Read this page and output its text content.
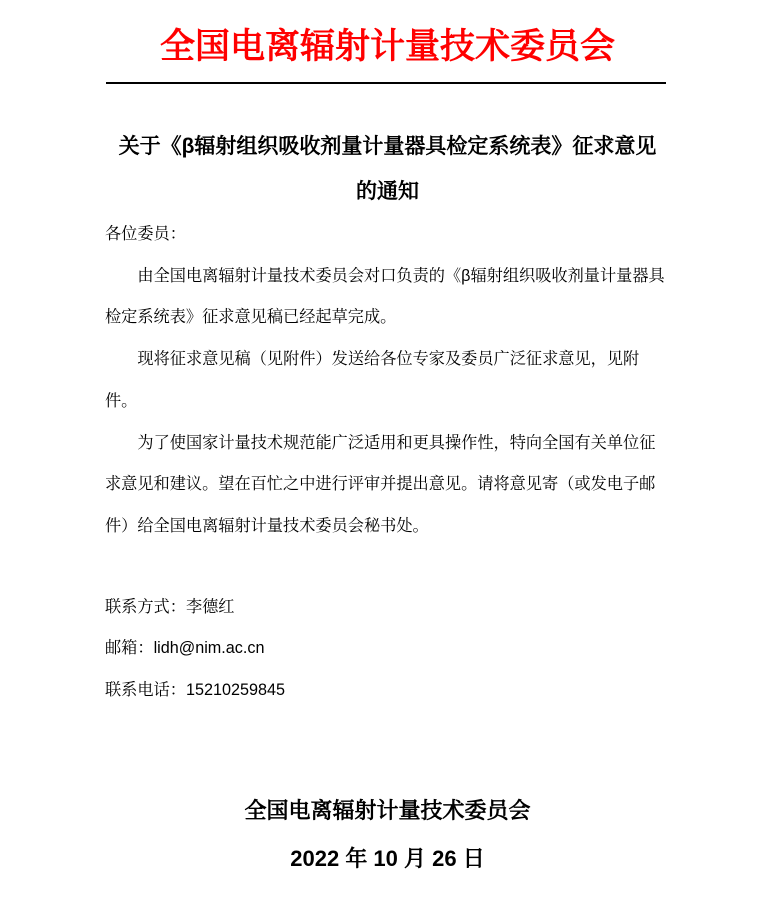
全国电离辐射计量技术委员会
关于《β辐射组织吸收剂量计量器具检定系统表》征求意见
的通知

各位委员：

由全国电离辐射计量技术委员会对口负责的《β辐射组织吸收剂量计量器具检定系统表》征求意见稿已经起草完成。

现将征求意见稿（见附件）发送给各位专家及委员广泛征求意见，见附件。

为了使国家计量技术规范能广泛适用和更具操作性，特向全国有关单位征求意见和建议。望在百忙之中进行评审并提出意见。请将意见寄（或发电子邮件）给全国电离辐射计量技术委员会秘书处。

联系方式：李德红

邮箱：lidh@nim.ac.cn

联系电话：15210259845

全国电离辐射计量技术委员会
2022 年 10 月 26 日
